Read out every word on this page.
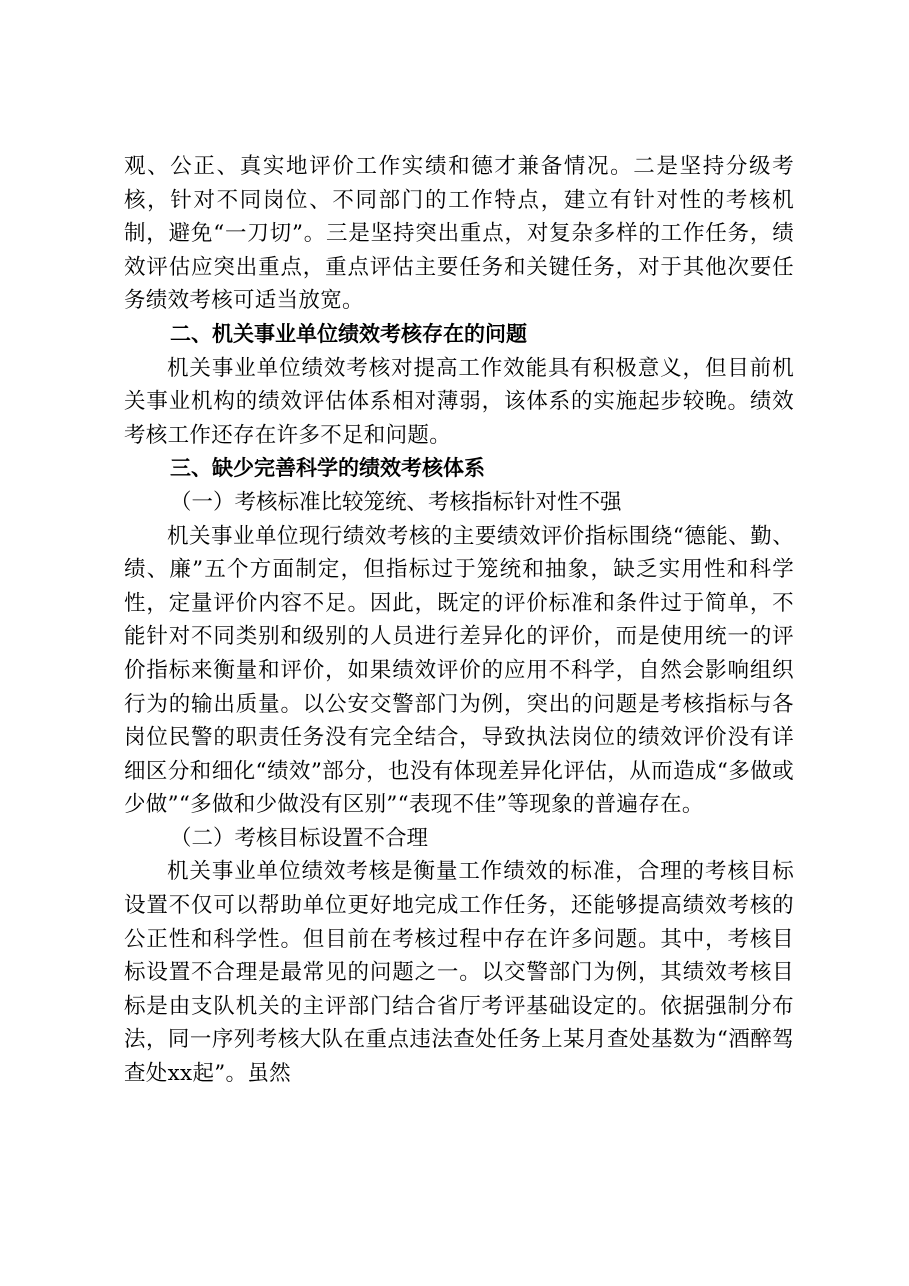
观、公正、真实地评价工作实绩和德才兼备情况。二是坚持分级考核，针对不同岗位、不同部门的工作特点，建立有针对性的考核机制，避免“一刀切”。三是坚持突出重点，对复杂多样的工作任务，绩效评估应突出重点，重点评估主要任务和关键任务，对于其他次要任务绩效考核可适当放宽。

二、机关事业单位绩效考核存在的问题

机关事业单位绩效考核对提高工作效能具有积极意义，但目前机关事业机构的绩效评估体系相对薄弱，该体系的实施起步较晚。绩效考核工作还存在许多不足和问题。

三、缺少完善科学的绩效考核体系

（一）考核标准比较笼统、考核指标针对性不强

机关事业单位现行绩效考核的主要绩效评价指标围绕“德能、勤、绩、廉”五个方面制定，但指标过于笼统和抽象，缺乏实用性和科学性，定量评价内容不足。因此，既定的评价标准和条件过于简单，不能针对不同类别和级别的人员进行差异化的评价，而是使用统一的评价指标来衡量和评价，如果绩效评价的应用不科学，自然会影响组织行为的输出质量。以公安交警部门为例，突出的问题是考核指标与各岗位民警的职责任务没有完全结合，导致执法岗位的绩效评价没有详细区分和细化“绩效”部分，也没有体现差异化评估，从而造成“多做或少做”“多做和少做没有区别”“表现不佳”等现象的普遍存在。

（二）考核目标设置不合理

机关事业单位绩效考核是衡量工作绩效的标准，合理的考核目标设置不仅可以帮助单位更好地完成工作任务，还能够提高绩效考核的公正性和科学性。但目前在考核过程中存在许多问题。其中，考核目标设置不合理是最常见的问题之一。以交警部门为例，其绩效考核目标是由支队机关的主评部门结合省厅考评基础设定的。依据强制分布法，同一序列考核大队在重点违法查处任务上某月查处基数为“酒醉驾查处xx起”。虽然
